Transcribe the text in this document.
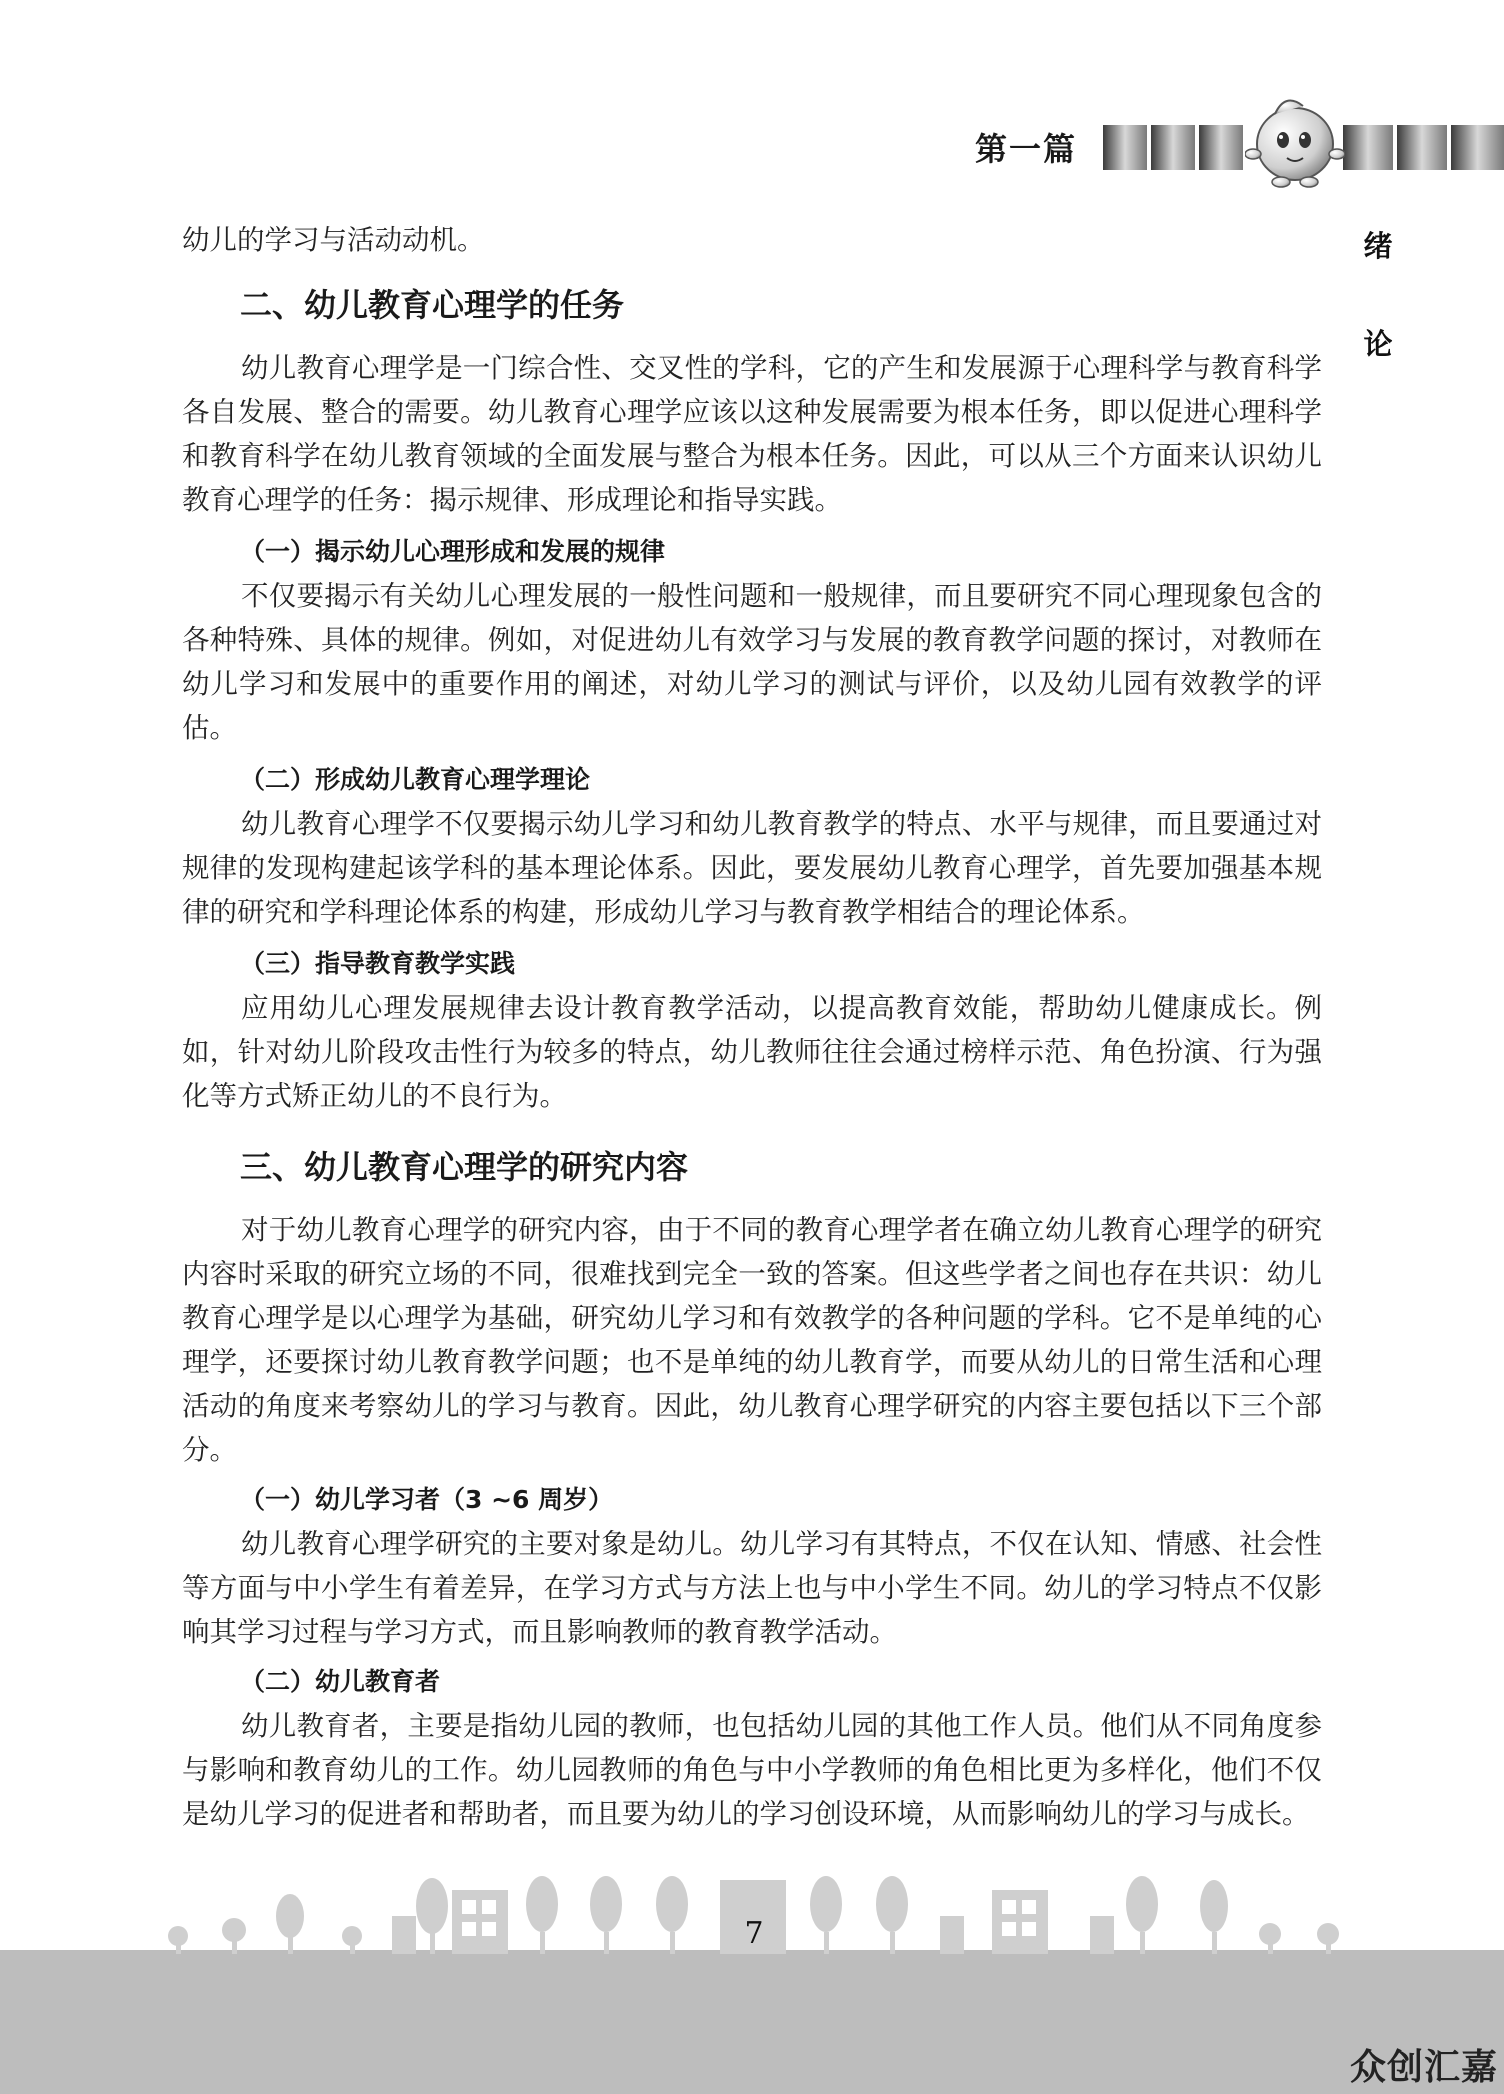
第一篇
绪
论

幼儿的学习与活动动机。

二、幼儿教育心理学的任务

幼儿教育心理学是一门综合性、交叉性的学科，它的产生和发展源于心理科学与教育科学各自发展、整合的需要。幼儿教育心理学应该以这种发展需要为根本任务，即以促进心理科学和教育科学在幼儿教育领域的全面发展与整合为根本任务。因此，可以从三个方面来认识幼儿教育心理学的任务：揭示规律、形成理论和指导实践。

（一）揭示幼儿心理形成和发展的规律

不仅要揭示有关幼儿心理发展的一般性问题和一般规律，而且要研究不同心理现象包含的各种特殊、具体的规律。例如，对促进幼儿有效学习与发展的教育教学问题的探讨，对教师在幼儿学习和发展中的重要作用的阐述，对幼儿学习的测试与评价，以及幼儿园有效教学的评估。

（二）形成幼儿教育心理学理论

幼儿教育心理学不仅要揭示幼儿学习和幼儿教育教学的特点、水平与规律，而且要通过对规律的发现构建起该学科的基本理论体系。因此，要发展幼儿教育心理学，首先要加强基本规律的研究和学科理论体系的构建，形成幼儿学习与教育教学相结合的理论体系。

（三）指导教育教学实践

应用幼儿心理发展规律去设计教育教学活动，以提高教育效能，帮助幼儿健康成长。例如，针对幼儿阶段攻击性行为较多的特点，幼儿教师往往会通过榜样示范、角色扮演、行为强化等方式矫正幼儿的不良行为。

三、幼儿教育心理学的研究内容

对于幼儿教育心理学的研究内容，由于不同的教育心理学者在确立幼儿教育心理学的研究内容时采取的研究立场的不同，很难找到完全一致的答案。但这些学者之间也存在共识：幼儿教育心理学是以心理学为基础，研究幼儿学习和有效教学的各种问题的学科。它不是单纯的心理学，还要探讨幼儿教育教学问题；也不是单纯的幼儿教育学，而要从幼儿的日常生活和心理活动的角度来考察幼儿的学习与教育。因此，幼儿教育心理学研究的内容主要包括以下三个部分。

（一）幼儿学习者（3 ~6 周岁）

幼儿教育心理学研究的主要对象是幼儿。幼儿学习有其特点，不仅在认知、情感、社会性等方面与中小学生有着差异，在学习方式与方法上也与中小学生不同。幼儿的学习特点不仅影响其学习过程与学习方式，而且影响教师的教育教学活动。

（二）幼儿教育者

幼儿教育者，主要是指幼儿园的教师，也包括幼儿园的其他工作人员。他们从不同角度参与影响和教育幼儿的工作。幼儿园教师的角色与中小学教师的角色相比更为多样化，他们不仅是幼儿学习的促进者和帮助者，而且要为幼儿的学习创设环境，从而影响幼儿的学习与成长。

7
众创汇嘉
